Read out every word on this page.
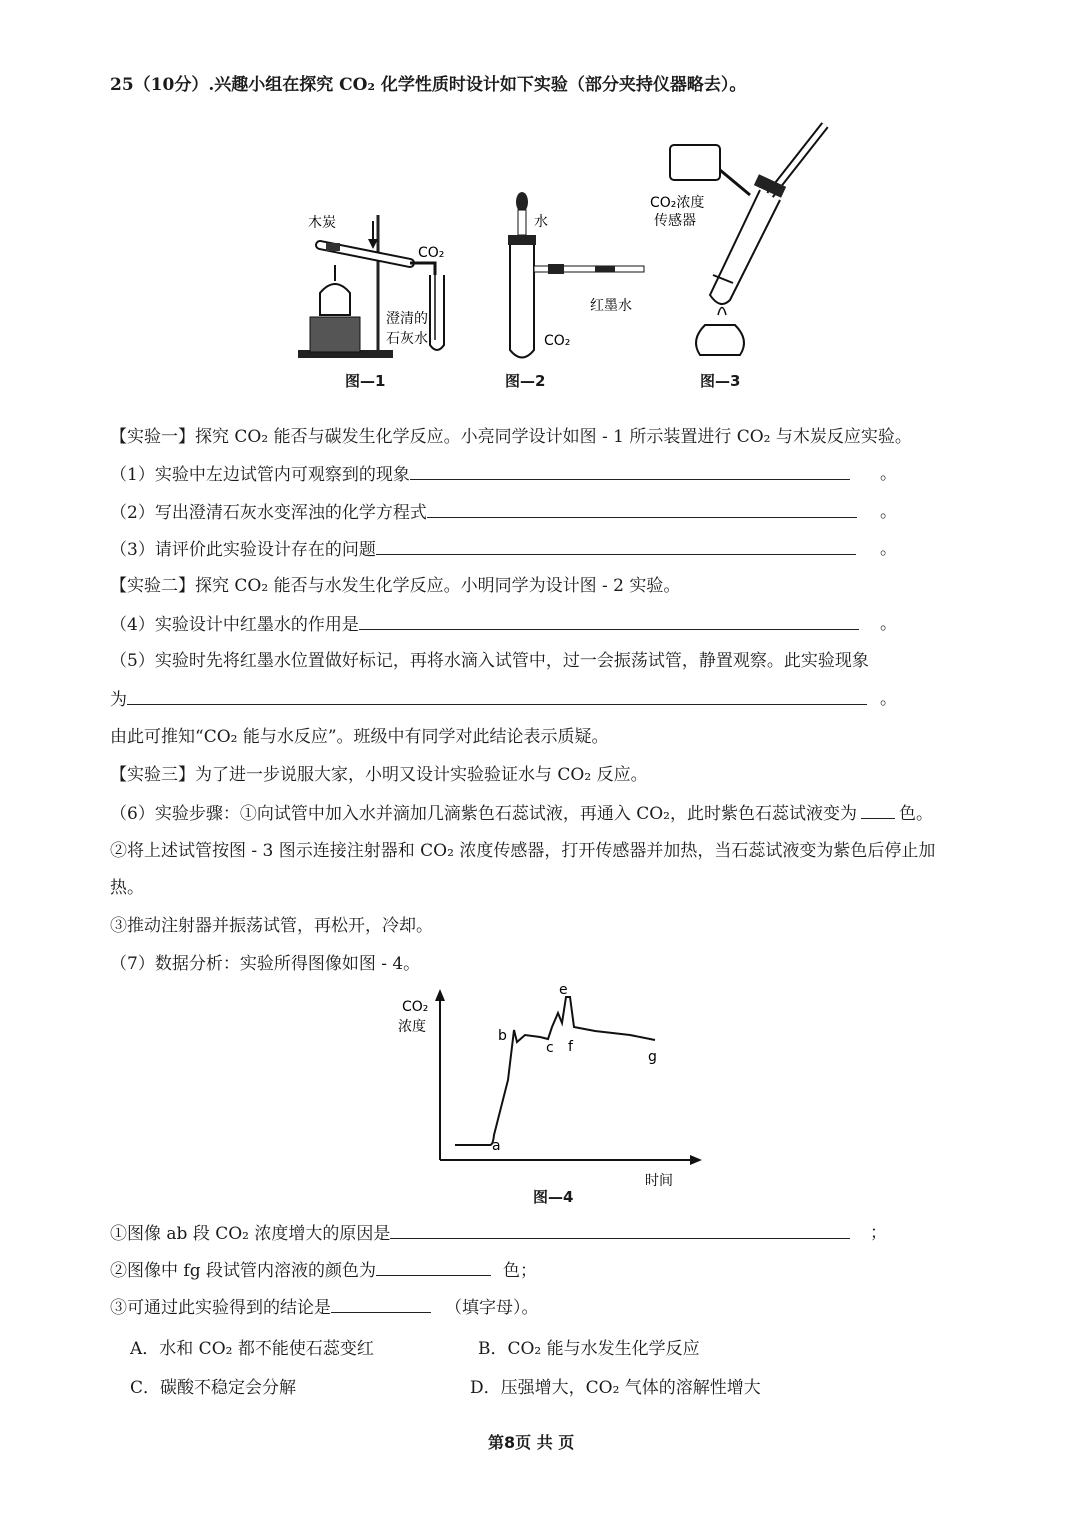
25（10分）.兴趣小组在探究 CO₂ 化学性质时设计如下实验（部分夹持仪器略去）。
木炭
CO₂
澄清的
石灰水
图—1
水
红墨水
CO₂
图—2
CO₂浓度
传感器
图—3
【实验一】探究 CO₂ 能否与碳发生化学反应。小亮同学设计如图 - 1 所示装置进行 CO₂ 与木炭反应实验。
（1）实验中左边试管内可观察到的现象	。
（2）写出澄清石灰水变浑浊的化学方程式	。
（3）请评价此实验设计存在的问题	。
【实验二】探究 CO₂ 能否与水发生化学反应。小明同学为设计图 - 2 实验。
（4）实验设计中红墨水的作用是	。
（5）实验时先将红墨水位置做好标记，再将水滴入试管中，过一会振荡试管，静置观察。此实验现象
为	。
由此可推知“CO₂ 能与水反应”。班级中有同学对此结论表示质疑。
【实验三】为了进一步说服大家，小明又设计实验验证水与 CO₂ 反应。
（6）实验步骤：①向试管中加入水并滴加几滴紫色石蕊试液，再通入 CO₂，此时紫色石蕊试液变为 色。
②将上述试管按图 - 3 图示连接注射器和 CO₂ 浓度传感器，打开传感器并加热，当石蕊试液变为紫色后停止加
热。
③推动注射器并振荡试管，再松开，冷却。
（7）数据分析：实验所得图像如图 - 4。
CO₂
浓度
a
b
c
e
f
g
时间
图—4
①图像 ab 段 CO₂ 浓度增大的原因是	；
②图像中 fg 段试管内溶液的颜色为	色；
③可通过此实验得到的结论是	（填字母）。
A．水和 CO₂ 都不能使石蕊变红	B．CO₂ 能与水发生化学反应
C．碳酸不稳定会分解	D．压强增大，CO₂ 气体的溶解性增大
第8页 共 页
